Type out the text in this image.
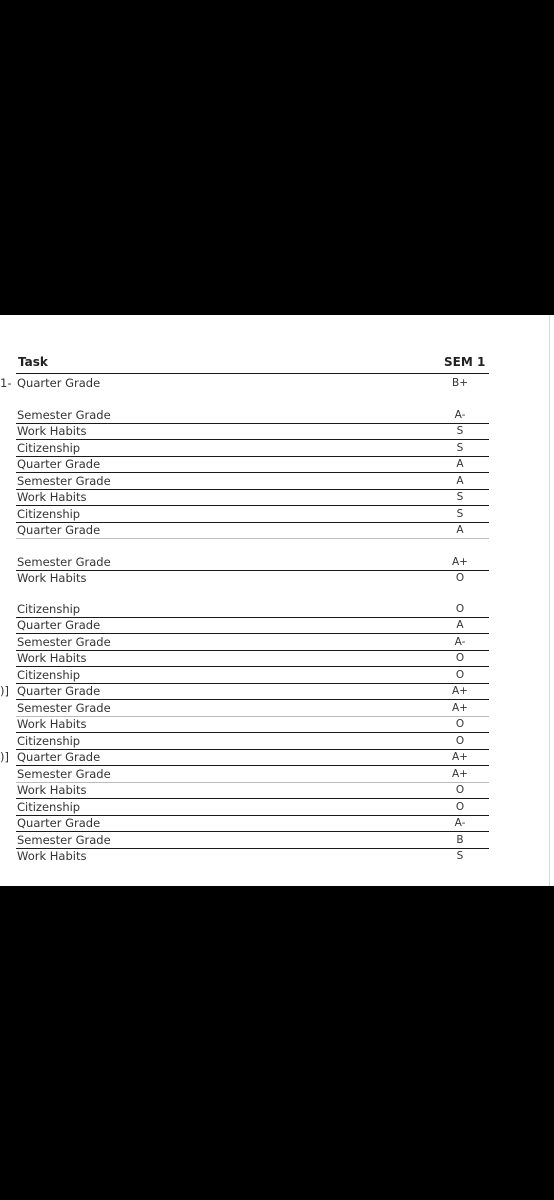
Task	SEM 1
1- Quarter Grade	B+
Semester Grade	A-
Work Habits	S
Citizenship	S
Quarter Grade	A
Semester Grade	A
Work Habits	S
Citizenship	S
Quarter Grade	A
Semester Grade	A+
Work Habits	O
Citizenship	O
Quarter Grade	A
Semester Grade	A-
Work Habits	O
Citizenship	O
)] Quarter Grade	A+
Semester Grade	A+
Work Habits	O
Citizenship	O
)] Quarter Grade	A+
Semester Grade	A+
Work Habits	O
Citizenship	O
Quarter Grade	A-
Semester Grade	B
Work Habits	S
